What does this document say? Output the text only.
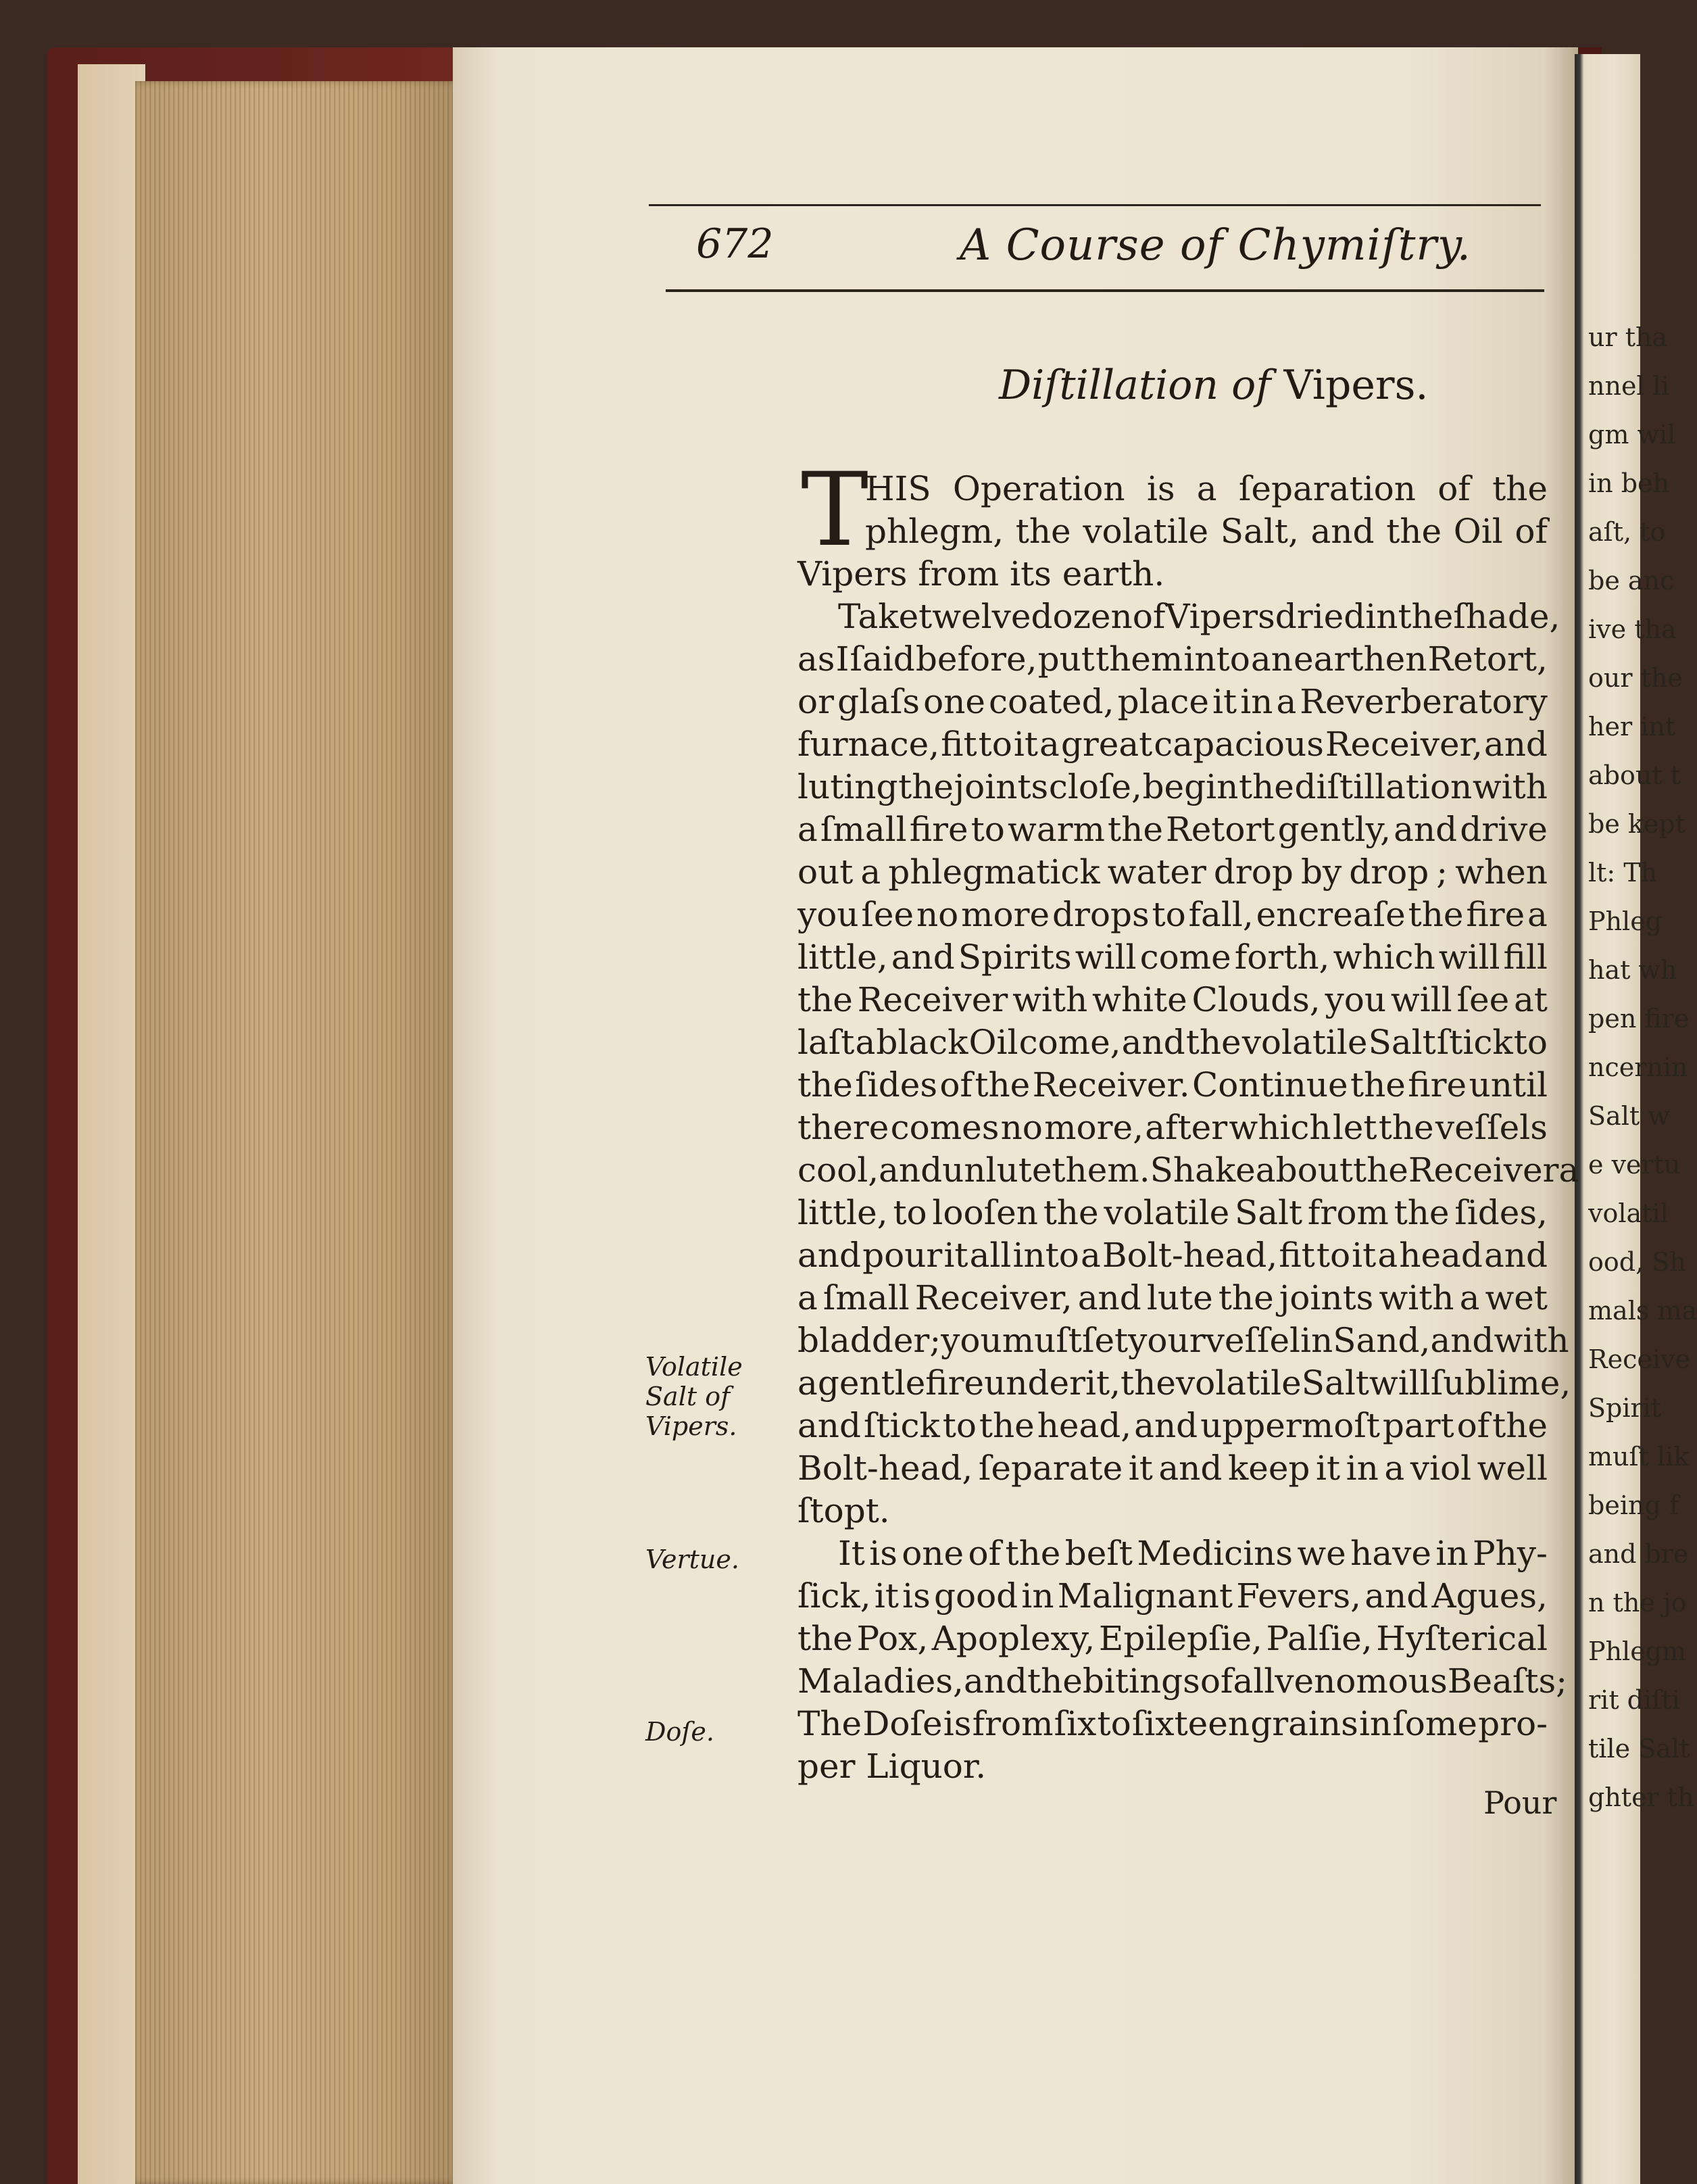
ur tha
nnel li
gm wil
in beh
aſt, to
be anc
ive tha
our the
her int
about t
be kept
lt: Th
Phleg
hat wh
pen fire
ncernin
Salt w
e vertu
volatil
ood, Sh
mals ma
Receive
Spirit
muſt lik
being f
and bre
n the jo
Phlegm
rit diſti
tile Salt
ghter th
672	A Course of Chymiſtry.
Diſtillation of Vipers.
T
HIS Operation is a ſeparation of the
phlegm, the volatile Salt, and the Oil of
Vipers from its earth.
Take twelve dozen of Vipers dried in the ſhade,
as I ſaid before, put them into an earthen Retort,
or glaſs one coated, place it in a Reverberatory
furnace, fit to it a great capacious Receiver, and
luting the joints cloſe, begin the diſtillation with
a ſmall fire to warm the Retort gently, and drive
out a phlegmatick water drop by drop ; when
you ſee no more drops to fall, encreaſe the fire a
little, and Spirits will come forth, which will fill
the Receiver with white Clouds, you will ſee at
laſt a black Oil come, and the volatile Salt ſtick to
the ſides of the Receiver. Continue the fire until
there comes no more, after which let the veſſels
cool, and unlute them. Shake about the Receiver a
little, to looſen the volatile Salt from the ſides,
and pour it all into a Bolt-head, fit to it a head and
a ſmall Receiver, and lute the joints with a wet
bladder ; you muſt ſet your veſſel in Sand, and with
a gentle fire under it, the volatile Salt will ſublime,
and ſtick to the head, and uppermoſt part of the
Bolt-head, ſeparate it and keep it in a viol well
ſtopt.
It is one of the beſt Medicins we have in Phy-
ſick, it is good in Malignant Fevers, and Agues,
the Pox, Apoplexy, Epilepſie, Palſie, Hyſterical
Maladies, and the bitings of all venomous Beaſts ;
The Doſe is from ſix to ſixteen grains in ſome pro-
per Liquor.
Volatile
Salt of
Vipers.
Vertue.
Doſe.
Pour
